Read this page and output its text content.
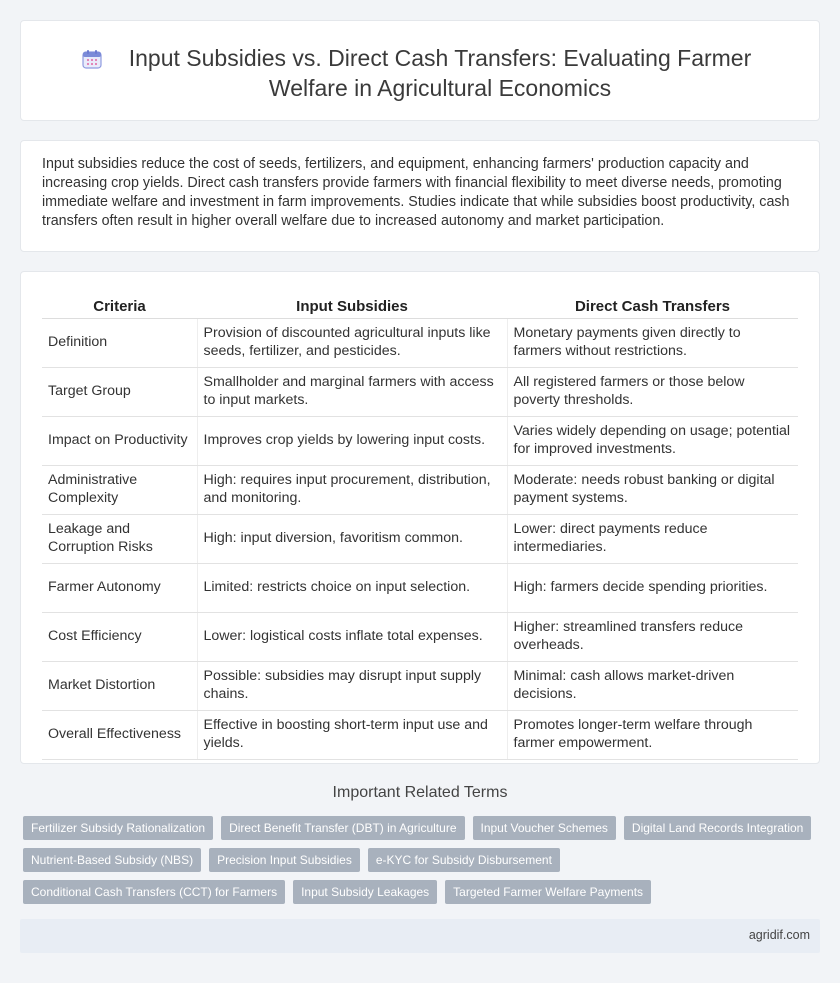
Input Subsidies vs. Direct Cash Transfers: Evaluating Farmer Welfare in Agricultural Economics

Input subsidies reduce the cost of seeds, fertilizers, and equipment, enhancing farmers' production capacity and increasing crop yields. Direct cash transfers provide farmers with financial flexibility to meet diverse needs, promoting immediate welfare and investment in farm improvements. Studies indicate that while subsidies boost productivity, cash transfers often result in higher overall welfare due to increased autonomy and market participation.

Criteria	Input Subsidies	Direct Cash Transfers
Definition	Provision of discounted agricultural inputs like seeds, fertilizer, and pesticides.	Monetary payments given directly to farmers without restrictions.
Target Group	Smallholder and marginal farmers with access to input markets.	All registered farmers or those below poverty thresholds.
Impact on Productivity	Improves crop yields by lowering input costs.	Varies widely depending on usage; potential for improved investments.
Administrative Complexity	High: requires input procurement, distribution, and monitoring.	Moderate: needs robust banking or digital payment systems.
Leakage and Corruption Risks	High: input diversion, favoritism common.	Lower: direct payments reduce intermediaries.
Farmer Autonomy	Limited: restricts choice on input selection.	High: farmers decide spending priorities.
Cost Efficiency	Lower: logistical costs inflate total expenses.	Higher: streamlined transfers reduce overheads.
Market Distortion	Possible: subsidies may disrupt input supply chains.	Minimal: cash allows market-driven decisions.
Overall Effectiveness	Effective in boosting short-term input use and yields.	Promotes longer-term welfare through farmer empowerment.
Important Related Terms
Fertilizer Subsidy Rationalization	Direct Benefit Transfer (DBT) in Agriculture	Input Voucher Schemes	Digital Land Records Integration
Nutrient-Based Subsidy (NBS)	Precision Input Subsidies	e-KYC for Subsidy Disbursement
Conditional Cash Transfers (CCT) for Farmers	Input Subsidy Leakages	Targeted Farmer Welfare Payments
agridif.com
